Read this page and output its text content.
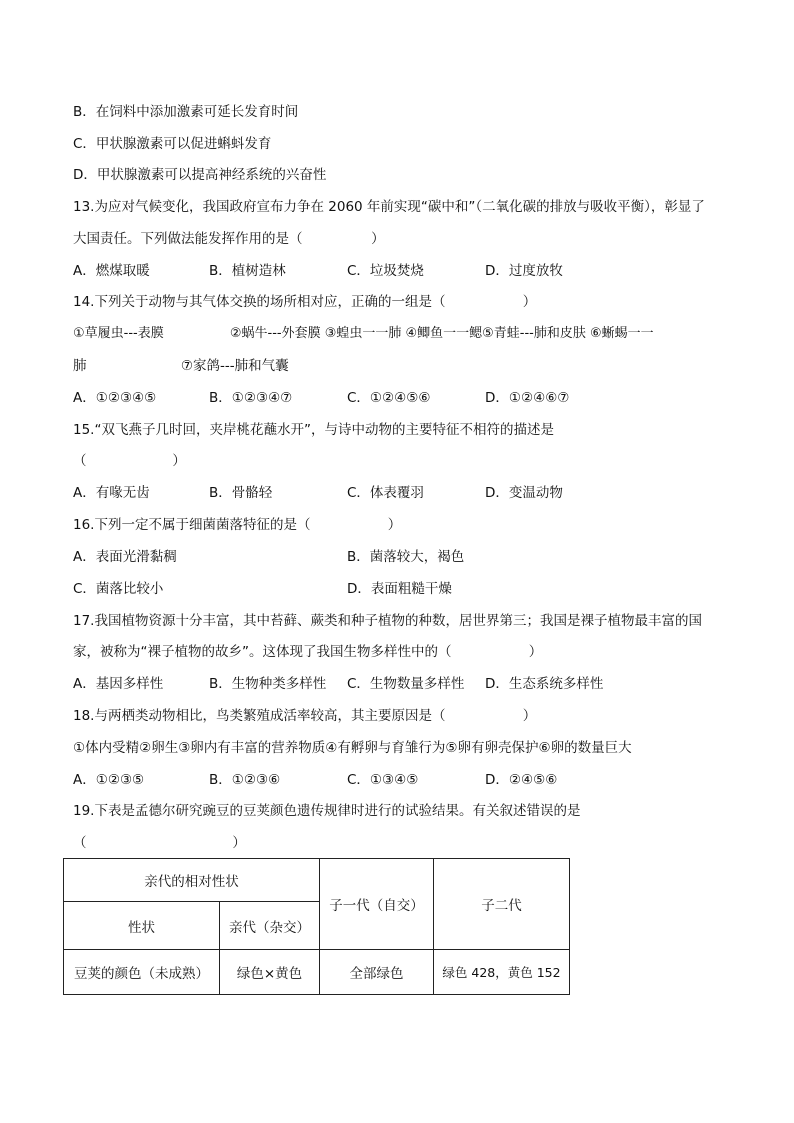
B．在饲料中添加激素可延长发育时间
C．甲状腺激素可以促进蝌蚪发育
D．甲状腺激素可以提高神经系统的兴奋性
13.为应对气候变化，我国政府宣布力争在 2060 年前实现“碳中和”（二氧化碳的排放与吸收平衡），彰显了
大国责任。下列做法能发挥作用的是（                ）
A．燃煤取暖	B．植树造林	C．垃圾焚烧	D．过度放牧
14.下列关于动物与其气体交换的场所相对应，正确的一组是（                  ）
①草履虫---表膜                ②蜗牛---外套膜 ③蝗虫一一肺 ④鲫鱼一一鳃⑤青蛙---肺和皮肤 ⑥蜥蜴一一
肺                      ⑦家鸽---肺和气囊
A．①②③④⑤	B．①②③④⑦	C．①②④⑤⑥	D．①②④⑥⑦
15.“双飞燕子几时回，夹岸桃花蘸水开”，与诗中动物的主要特征不相符的描述是
（                    ）
A．有喙无齿	B．骨骼轻	C．体表覆羽	D．变温动物
16.下列一定不属于细菌菌落特征的是（                  ）
A．表面光滑黏稠	B．菌落较大，褐色
C．菌落比较小	D．表面粗糙干燥
17.我国植物资源十分丰富，其中苔藓、蕨类和种子植物的种数，居世界第三；我国是裸子植物最丰富的国
家，被称为“裸子植物的故乡”。这体现了我国生物多样性中的（                  ）
A．基因多样性	B．生物种类多样性 C．生物数量多样性 D．生态系统多样性
18.与两栖类动物相比，鸟类繁殖成活率较高，其主要原因是（                  ）
①体内受精②卵生③卵内有丰富的营养物质④有孵卵与育雏行为⑤卵有卵壳保护⑥卵的数量巨大
A．①②③⑤	B．①②③⑥	C．①③④⑤	D．②④⑤⑥
19.下表是孟德尔研究豌豆的豆荚颜色遗传规律时进行的试验结果。有关叙述错误的是
（                                  ）
亲代的相对性状		子一代（自交）	子二代
性状	亲代（杂交）		
豆荚的颜色（未成熟）	绿色×黄色	全部绿色	绿色 428，黄色 152
